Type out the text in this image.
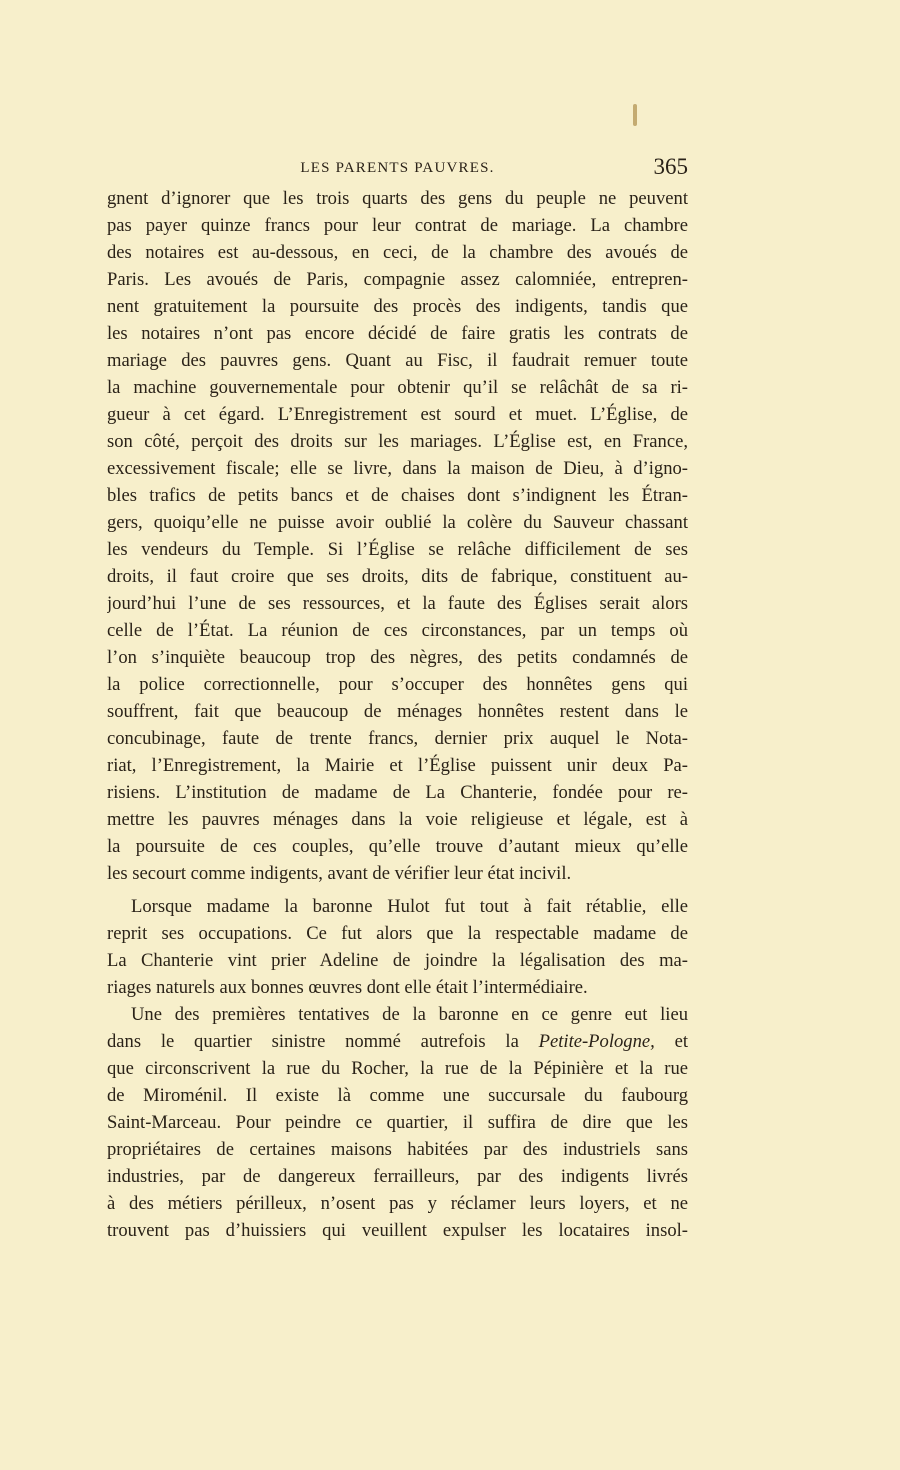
LES PARENTS PAUVRES.	365
gnent d’ignorer que les trois quarts des gens du peuple ne peuvent
pas payer quinze francs pour leur contrat de mariage. La chambre
des notaires est au-dessous, en ceci, de la chambre des avoués de
Paris. Les avoués de Paris, compagnie assez calomniée, entrepren-
nent gratuitement la poursuite des procès des indigents, tandis que
les notaires n’ont pas encore décidé de faire gratis les contrats de
mariage des pauvres gens. Quant au Fisc, il faudrait remuer toute
la machine gouvernementale pour obtenir qu’il se relâchât de sa ri-
gueur à cet égard. L’Enregistrement est sourd et muet. L’Église, de
son côté, perçoit des droits sur les mariages. L’Église est, en France,
excessivement fiscale; elle se livre, dans la maison de Dieu, à d’igno-
bles trafics de petits bancs et de chaises dont s’indignent les Étran-
gers, quoiqu’elle ne puisse avoir oublié la colère du Sauveur chassant
les vendeurs du Temple. Si l’Église se relâche difficilement de ses
droits, il faut croire que ses droits, dits de fabrique, constituent au-
jourd’hui l’une de ses ressources, et la faute des Églises serait alors
celle de l’État. La réunion de ces circonstances, par un temps où
l’on s’inquiète beaucoup trop des nègres, des petits condamnés de
la police correctionnelle, pour s’occuper des honnêtes gens qui
souffrent, fait que beaucoup de ménages honnêtes restent dans le
concubinage, faute de trente francs, dernier prix auquel le Nota-
riat, l’Enregistrement, la Mairie et l’Église puissent unir deux Pa-
risiens. L’institution de madame de La Chanterie, fondée pour re-
mettre les pauvres ménages dans la voie religieuse et légale, est à
la poursuite de ces couples, qu’elle trouve d’autant mieux qu’elle
les secourt comme indigents, avant de vérifier leur état incivil.
Lorsque madame la baronne Hulot fut tout à fait rétablie, elle
reprit ses occupations. Ce fut alors que la respectable madame de
La Chanterie vint prier Adeline de joindre la légalisation des ma-
riages naturels aux bonnes œuvres dont elle était l’intermédiaire.
Une des premières tentatives de la baronne en ce genre eut lieu
dans le quartier sinistre nommé autrefois la Petite-Pologne, et
que circonscrivent la rue du Rocher, la rue de la Pépinière et la rue
de Miroménil. Il existe là comme une succursale du faubourg
Saint-Marceau. Pour peindre ce quartier, il suffira de dire que les
propriétaires de certaines maisons habitées par des industriels sans
industries, par de dangereux ferrailleurs, par des indigents livrés
à des métiers périlleux, n’osent pas y réclamer leurs loyers, et ne
trouvent pas d’huissiers qui veuillent expulser les locataires insol-
